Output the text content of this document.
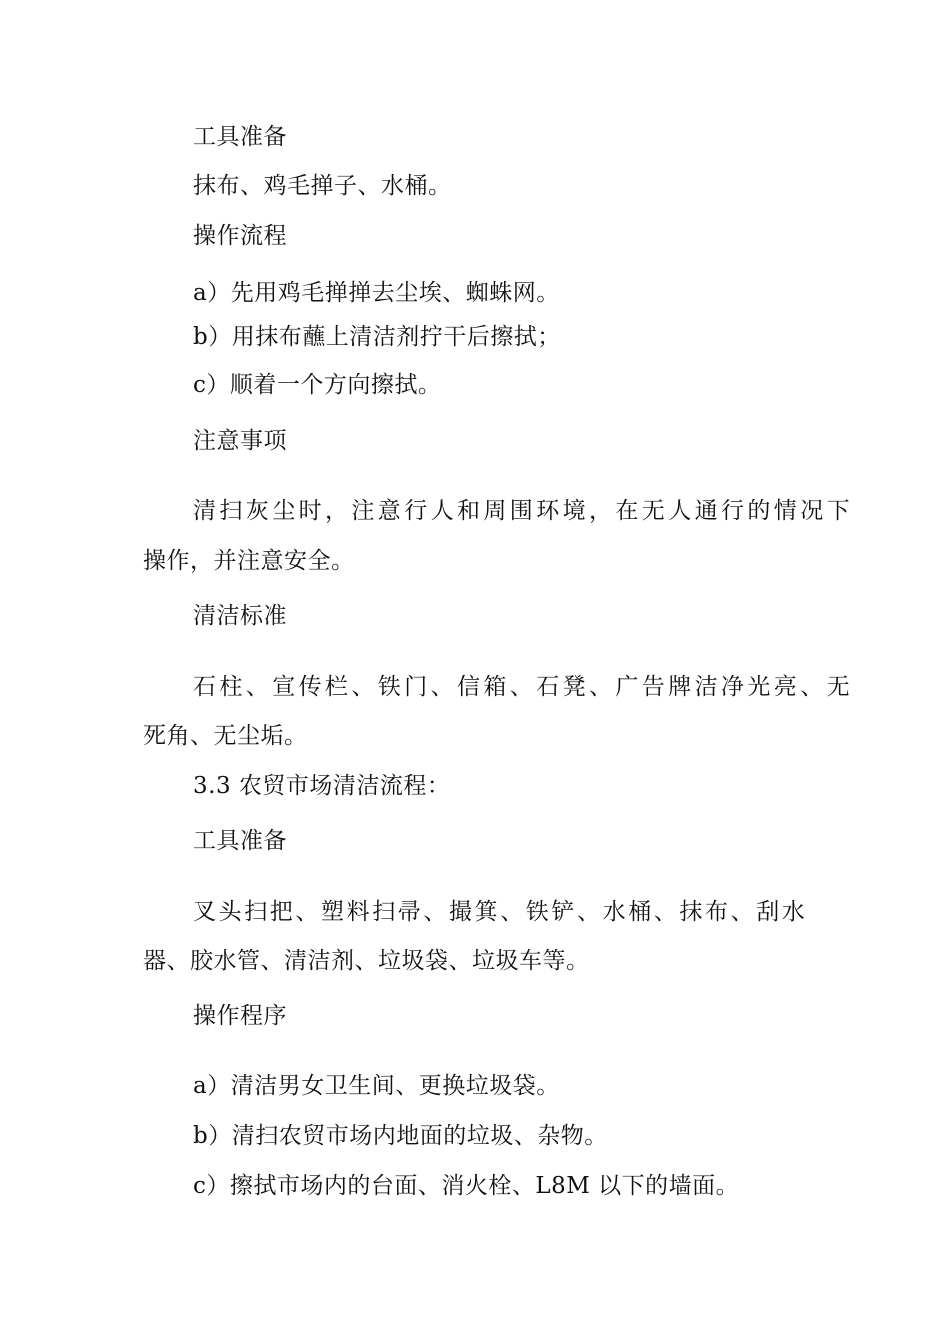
工具准备
抹布、鸡毛掸子、水桶。
操作流程
a）先用鸡毛掸掸去尘埃、蜘蛛网。
b）用抹布蘸上清洁剂拧干后擦拭；
c）顺着一个方向擦拭。
注意事项
清扫灰尘时，注意行人和周围环境，在无人通行的情况下
操作，并注意安全。
清洁标准
石柱、宣传栏、铁门、信箱、石凳、广告牌洁净光亮、无
死角、无尘垢。
3.3 农贸市场清洁流程：
工具准备
叉头扫把、塑料扫帚、撮箕、铁铲、水桶、抹布、刮水
器、胶水管、清洁剂、垃圾袋、垃圾车等。
操作程序
a）清洁男女卫生间、更换垃圾袋。
b）清扫农贸市场内地面的垃圾、杂物。
c）擦拭市场内的台面、消火栓、L8M 以下的墙面。
